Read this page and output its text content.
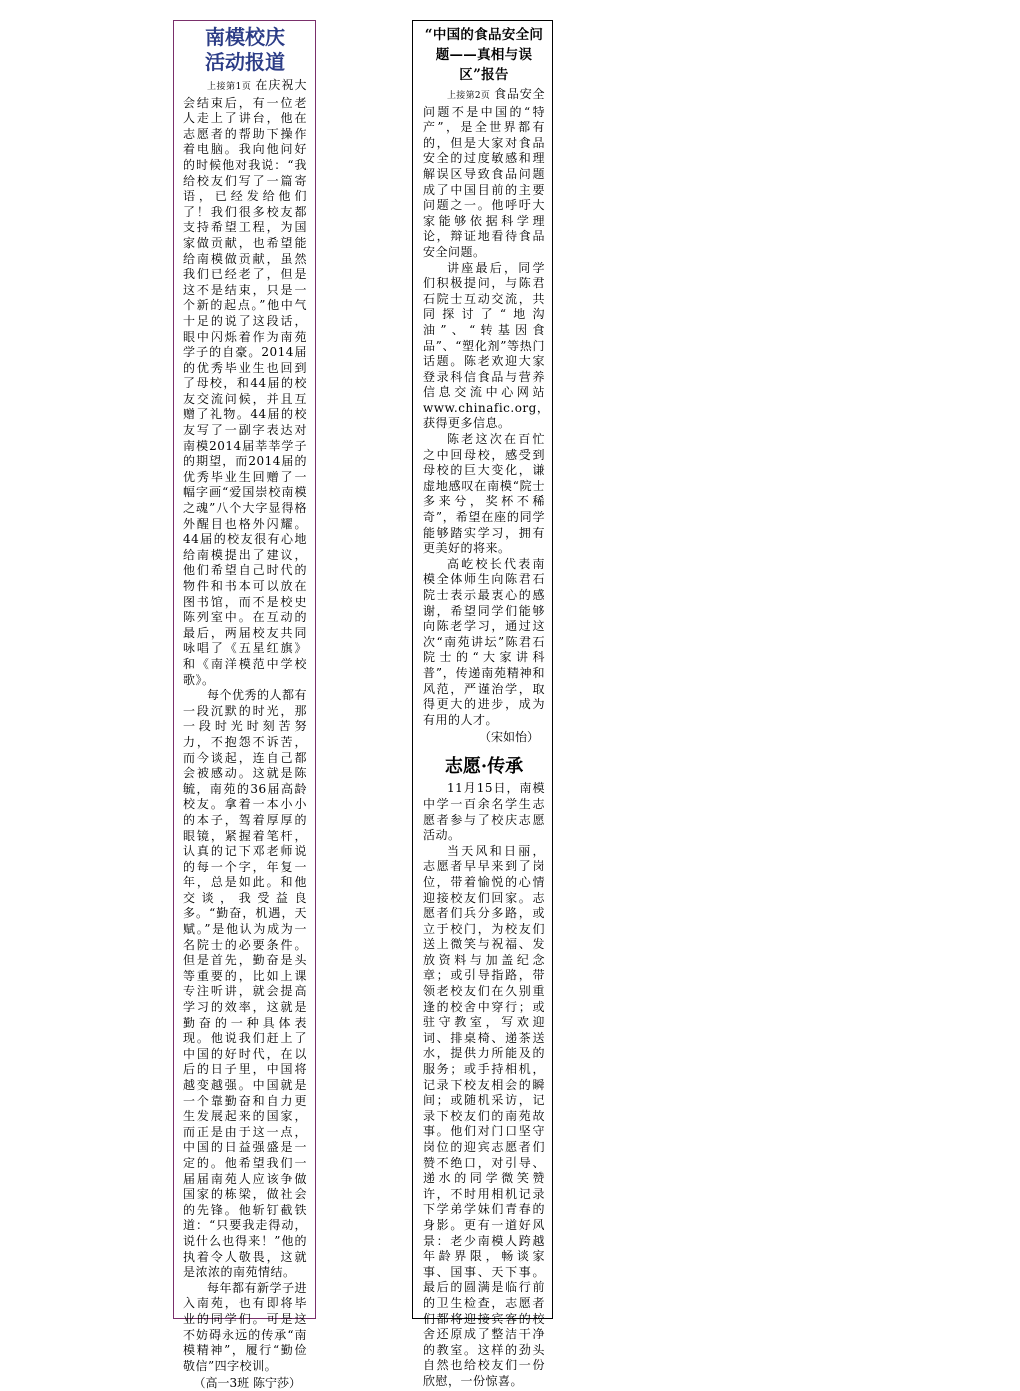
南模校庆
活动报道

上接第1页 在庆祝大会结束后，有一位老人走上了讲台，他在志愿者的帮助下操作着电脑。我向他问好的时候他对我说：“我给校友们写了一篇寄语，已经发给他们了！我们很多校友都支持希望工程，为国家做贡献，也希望能给南模做贡献，虽然我们已经老了，但是这不是结束，只是一个新的起点。”他中气十足的说了这段话，眼中闪烁着作为南苑学子的自豪。2014届的优秀毕业生也回到了母校，和44届的校友交流问候，并且互赠了礼物。44届的校友写了一副字表达对南模2014届莘莘学子的期望，而2014届的优秀毕业生回赠了一幅字画“爱国崇校南模之魂”八个大字显得格外醒目也格外闪耀。44届的校友很有心地给南模提出了建议，他们希望自己时代的物件和书本可以放在图书馆，而不是校史陈列室中。在互动的最后，两届校友共同咏唱了《五星红旗》和《南洋模范中学校歌》。

每个优秀的人都有一段沉默的时光，那一段时光时刻苦努力，不抱怨不诉苦，而今谈起，连自己都会被感动。这就是陈毓，南苑的36届高龄校友。拿着一本小小的本子，驾着厚厚的眼镜，紧握着笔杆，认真的记下邓老师说的每一个字，年复一年，总是如此。和他交谈，我受益良多。“勤奋，机遇，天赋。”是他认为成为一名院士的必要条件。但是首先，勤奋是头等重要的，比如上课专注听讲，就会提高学习的效率，这就是勤奋的一种具体表现。他说我们赶上了中国的好时代，在以后的日子里，中国将越变越强。中国就是一个靠勤奋和自力更生发展起来的国家，而正是由于这一点，中国的日益强盛是一定的。他希望我们一届届南苑人应该争做国家的栋梁，做社会的先锋。他斩钉截铁道：“只要我走得动，说什么也得来！”他的执着令人敬畏，这就是浓浓的南苑情结。

每年都有新学子进入南苑，也有即将毕业的同学们。可是这不妨碍永远的传承“南模精神”，履行“勤俭敬信”四字校训。

（高一3班 陈宁莎）
“中国的食品安全问题——真相与误区”报告

上接第2页 食品安全问题不是中国的“特产”，是全世界都有的，但是大家对食品安全的过度敏感和理解误区导致食品问题成了中国目前的主要问题之一。他呼吁大家能够依据科学理论，辩证地看待食品安全问题。

讲座最后，同学们积极提问，与陈君石院士互动交流，共同探讨了“地沟油”、“转基因食品”、“塑化剂”等热门话题。陈老欢迎大家登录科信食品与营养信息交流中心网站www.chinafic.org，获得更多信息。

陈老这次在百忙之中回母校，感受到母校的巨大变化，谦虚地感叹在南模“院士多来兮，奖杯不稀奇”，希望在座的同学能够踏实学习，拥有更美好的将来。

高屹校长代表南模全体师生向陈君石院士表示最衷心的感谢，希望同学们能够向陈老学习，通过这次“南苑讲坛”陈君石院士的“大家讲科普”，传递南苑精神和风范，严谨治学，取得更大的进步，成为有用的人才。

（宋如怡）
志愿·传承

11月15日，南模中学一百余名学生志愿者参与了校庆志愿活动。

当天风和日丽，志愿者早早来到了岗位，带着愉悦的心情迎接校友们回家。志愿者们兵分多路，或立于校门，为校友们送上微笑与祝福、发放资料与加盖纪念章；或引导指路，带领老校友们在久别重逢的校舍中穿行；或驻守教室，写欢迎词、排桌椅、递茶送水，提供力所能及的服务；或手持相机，记录下校友相会的瞬间；或随机采访，记录下校友们的南苑故事。他们对门口坚守岗位的迎宾志愿者们赞不绝口，对引导、递水的同学微笑赞许，不时用相机记录下学弟学妹们青春的身影。更有一道好风景：老少南模人跨越年龄界限，畅谈家事、国事、天下事。最后的圆满是临行前的卫生检查，志愿者们都将迎接宾客的校舍还原成了整洁干净的教室。这样的劲头自然也给校友们一份欣慰，一份惊喜。
